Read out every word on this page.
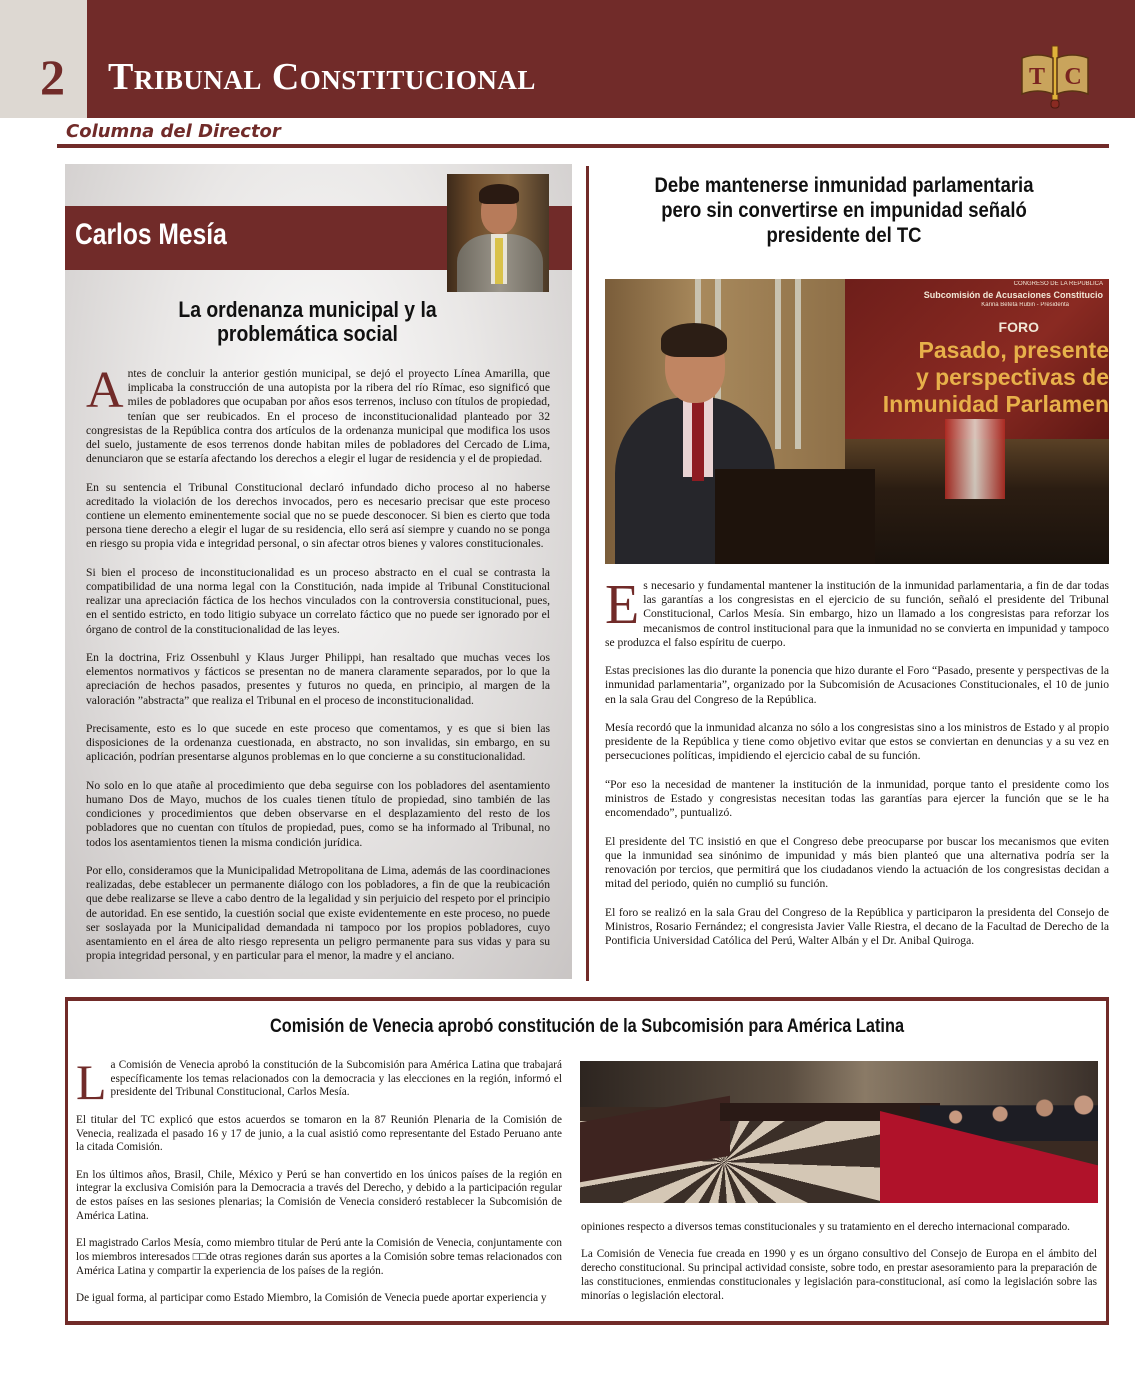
2 Tribunal Constitucional	T C
Columna del Director
Carlos Mesía
La ordenanza municipal y la problemática social

Antes de concluir la anterior gestión municipal, se dejó el proyecto Línea Amarilla, que implicaba la construcción de una autopista por la ribera del río Rímac, eso significó que miles de pobladores que ocupaban por años esos terrenos, incluso con títulos de propiedad, tenían que ser reubicados. En el proceso de inconstitucionalidad planteado por 32 congresistas de la República contra dos artículos de la ordenanza municipal que modifica los usos del suelo, justamente de esos terrenos donde habitan miles de pobladores del Cercado de Lima, denunciaron que se estaría afectando los derechos a elegir el lugar de residencia y el de propiedad.

En su sentencia el Tribunal Constitucional declaró infundado dicho proceso al no haberse acreditado la violación de los derechos invocados, pero es necesario precisar que este proceso contiene un elemento eminentemente social que no se puede desconocer. Si bien es cierto que toda persona tiene derecho a elegir el lugar de su residencia, ello será así siempre y cuando no se ponga en riesgo su propia vida e integridad personal, o sin afectar otros bienes y valores constitucionales.

Si bien el proceso de inconstitucionalidad es un proceso abstracto en el cual se contrasta la compatibilidad de una norma legal con la Constitución, nada impide al Tribunal Constitucional realizar una apreciación fáctica de los hechos vinculados con la controversia constitucional, pues, en el sentido estricto, en todo litigio subyace un correlato fáctico que no puede ser ignorado por el órgano de control de la constitucionalidad de las leyes.

En la doctrina, Friz Ossenbuhl y Klaus Jurger Philippi, han resaltado que muchas veces los elementos normativos y fácticos se presentan no de manera claramente separados, por lo que la apreciación de hechos pasados, presentes y futuros no queda, en principio, al margen de la valoración ”abstracta” que realiza el Tribunal en el proceso de inconstitucionalidad.

Precisamente, esto es lo que sucede en este proceso que comentamos, y es que si bien las disposiciones de la ordenanza cuestionada, en abstracto, no son invalidas, sin embargo, en su aplicación, podrían presentarse algunos problemas en lo que concierne a su constitucionalidad.

No solo en lo que atañe al procedimiento que deba seguirse con los pobladores del asentamiento humano Dos de Mayo, muchos de los cuales tienen título de propiedad, sino también de las condiciones y procedimientos que deben observarse en el desplazamiento del resto de los pobladores que no cuentan con títulos de propiedad, pues, como se ha informado al Tribunal, no todos los asentamientos tienen la misma condición jurídica.

Por ello, consideramos que la Municipalidad Metropolitana de Lima, además de las coordinaciones realizadas, debe establecer un permanente diálogo con los pobladores, a fin de que la reubicación que debe realizarse se lleve a cabo dentro de la legalidad y sin perjuicio del respeto por el principio de autoridad. En ese sentido, la cuestión social que existe evidentemente en este proceso, no puede ser soslayada por la Municipalidad demandada ni tampoco por los propios pobladores, cuyo asentamiento en el área de alto riesgo representa un peligro permanente para sus vidas y para su propia integridad personal, y en particular para el menor, la madre y el anciano.

Debe mantenerse inmunidad parlamentaria pero sin convertirse en impunidad señaló presidente del TC
CONGRESO DE LA REPÚBLICA
Subcomisión de Acusaciones Constitucio
Karina Beteta Rubin - Presidenta
FORO
Pasado, presente
y perspectivas de
Inmunidad Parlamen

Es necesario y fundamental mantener la institución de la inmunidad parlamentaria, a fin de dar todas las garantías a los congresistas en el ejercicio de su función, señaló el presidente del Tribunal Constitucional, Carlos Mesía. Sin embargo, hizo un llamado a los congresistas para reforzar los mecanismos de control institucional para que la inmunidad no se convierta en impunidad y tampoco se produzca el falso espíritu de cuerpo.

Estas precisiones las dio durante la ponencia que hizo durante el Foro “Pasado, presente y perspectivas de la inmunidad parlamentaria”, organizado por la Subcomisión de Acusaciones Constitucionales, el 10 de junio en la sala Grau del Congreso de la República.

Mesía recordó que la inmunidad alcanza no sólo a los congresistas sino a los ministros de Estado y al propio presidente de la República y tiene como objetivo evitar que estos se conviertan en denuncias y a su vez en persecuciones políticas, impidiendo el ejercicio cabal de su función.

“Por eso la necesidad de mantener la institución de la inmunidad, porque tanto el presidente como los ministros de Estado y congresistas necesitan todas las garantías para ejercer la función que se le ha encomendado”, puntualizó.

El presidente del TC insistió en que el Congreso debe preocuparse por buscar los mecanismos que eviten que la inmunidad sea sinónimo de impunidad y más bien planteó que una alternativa podría ser la renovación por tercios, que permitirá que los ciudadanos viendo la actuación de los congresistas decidan a mitad del periodo, quién no cumplió su función.

El foro se realizó en la sala Grau del Congreso de la República y participaron la presidenta del Consejo de Ministros, Rosario Fernández; el congresista Javier Valle Riestra, el decano de la Facultad de Derecho de la Pontificia Universidad Católica del Perú, Walter Albán y el Dr. Anibal Quiroga.

Comisión de Venecia aprobó constitución de la Subcomisión para América Latina

La Comisión de Venecia aprobó la constitución de la Subcomisión para América Latina que trabajará específicamente los temas relacionados con la democracia y las elecciones en la región, informó el presidente del Tribunal Constitucional, Carlos Mesía.

El titular del TC explicó que estos acuerdos se tomaron en la 87 Reunión Plenaria de la Comisión de Venecia, realizada el pasado 16 y 17 de junio, a la cual asistió como representante del Estado Peruano ante la citada Comisión.

En los últimos años, Brasil, Chile, México y Perú se han convertido en los únicos países de la región en integrar la exclusiva Comisión para la Democracia a través del Derecho, y debido a la participación regular de estos países en las sesiones plenarias; la Comisión de Venecia consideró restablecer la Subcomisión de América Latina.

El magistrado Carlos Mesía, como miembro titular de Perú ante la Comisión de Venecia, conjuntamente con los miembros interesados □□de otras regiones darán sus aportes a la Comisión sobre temas relacionados con América Latina y compartir la experiencia de los países de la región.

De igual forma, al participar como Estado Miembro, la Comisión de Venecia puede aportar experiencia y

opiniones respecto a diversos temas constitucionales y su tratamiento en el derecho internacional comparado.

La Comisión de Venecia fue creada en 1990 y es un órgano consultivo del Consejo de Europa en el ámbito del derecho constitucional. Su principal actividad consiste, sobre todo, en prestar asesoramiento para la preparación de las constituciones, enmiendas constitucionales y legislación para-constitucional, así como la legislación sobre las minorías o legislación electoral.
